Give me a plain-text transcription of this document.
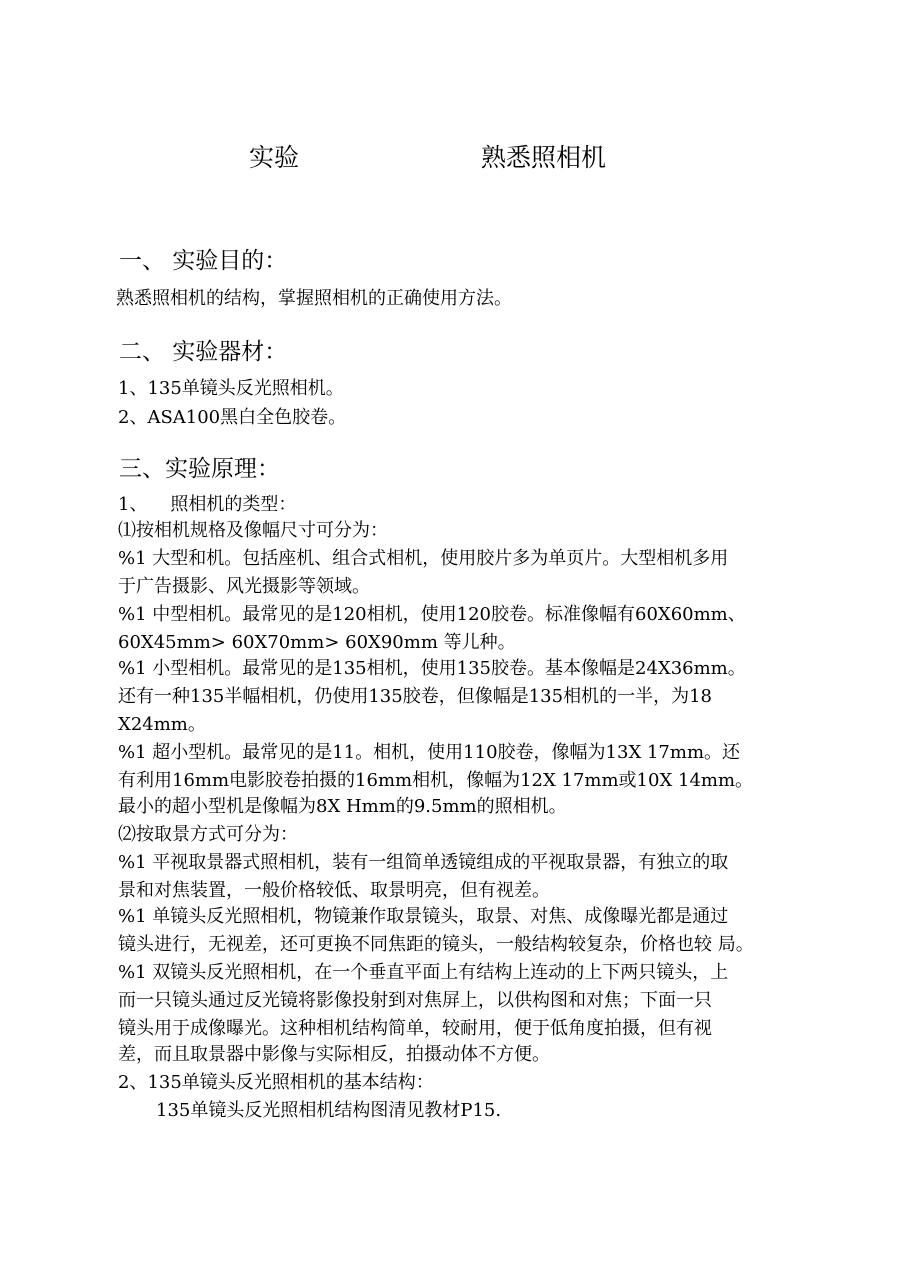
实验	熟悉照相机
一、 实验目的：
熟悉照相机的结构，掌握照相机的正确使用方法。
二、 实验器材：
1、135单镜头反光照相机。
2、ASA100黑白全色胶卷。
三、实验原理：
1、    照相机的类型：
⑴按相机规格及像幅尺寸可分为：
%1 大型和机。包括座机、组合式相机，使用胶片多为单页片。大型相机多用
于广告摄影、风光摄影等领域。
%1 中型相机。最常见的是120相机，使用120胶卷。标准像幅有60X60mm、
60X45mm> 60X70mm> 60X90mm 等儿种。
%1 小型相机。最常见的是135相机，使用135胶卷。基本像幅是24X36mm。
还有一种135半幅相机，仍使用135胶卷，但像幅是135相机的一半，为18
X24mm。
%1 超小型机。最常见的是11。相机，使用110胶卷，像幅为13X 17mm。还
有利用16mm电影胶卷拍摄的16mm相机，像幅为12X 17mm或10X 14mm。
最小的超小型机是像幅为8X Hmm的9.5mm的照相机。
⑵按取景方式可分为：
%1 平视取景器式照相机，装有一组简单透镜组成的平视取景器，有独立的取
景和对焦装置，一般价格较低、取景明亮，但有视差。
%1 单镜头反光照相机，物镜兼作取景镜头，取景、对焦、成像曝光都是通过
镜头进行，无视差，还可更换不同焦距的镜头，一般结构较复杂，价格也较 局。
%1 双镜头反光照相机，在一个垂直平面上有结构上连动的上下两只镜头，上
而一只镜头通过反光镜将影像投射到对焦屏上，以供构图和对焦；下面一只
镜头用于成像曝光。这种相机结构简单，较耐用，便于低角度拍摄，但有视
差，而且取景器中影像与实际相反，拍摄动体不方便。
2、135单镜头反光照相机的基本结构：
135单镜头反光照相机结构图清见教材P15.
